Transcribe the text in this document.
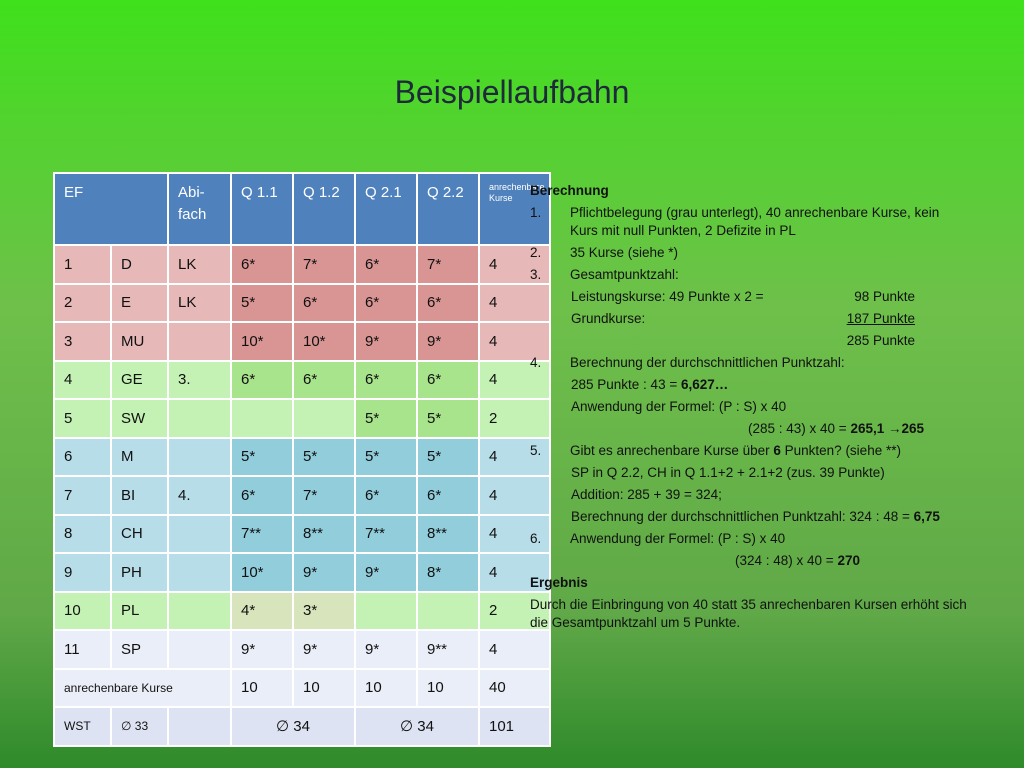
Beispiellaufbahn
EF		Abi-fach	Q 1.1	Q 1.2	Q 2.1	Q 2.2	anrechenbare Kurse
1	D	LK	6*	7*	6*	7*	4
2	E	LK	5*	6*	6*	6*	4
3	MU		10*	10*	9*	9*	4
4	GE	3.	6*	6*	6*	6*	4
5	SW				5*	5*	2
6	M		5*	5*	5*	5*	4
7	BI	4.	6*	7*	6*	6*	4
8	CH		7**	8**	7**	8**	4
9	PH		10*	9*	9*	8*	4
10	PL		4*	3*			2
11	SP		9*	9*	9*	9**	4
anrechenbare Kurse			10	10	10	10	40
WST	∅ 33		∅ 34		∅ 34		101
Berechnung
1.	Pflichtbelegung (grau unterlegt), 40 anrechenbare Kurse, kein Kurs mit null Punkten, 2 Defizite in PL
2.	35 Kurse (siehe *)
3.	Gesamtpunktzahl:
Leistungskurse: 49 Punkte x 2 =	98 Punkte
Grundkurse:	187 Punkte
285 Punkte
4.	Berechnung der durchschnittlichen Punktzahl:
285 Punkte : 43 = 6,627…
Anwendung der Formel: (P : S) x 40
(285 : 43) x 40 = 265,1 →265
5.	Gibt es anrechenbare Kurse über 6 Punkten? (siehe **)
SP in Q 2.2, CH in Q 1.1+2 + 2.1+2 (zus. 39 Punkte)
Addition: 285 + 39 = 324;
Berechnung der durchschnittlichen Punktzahl: 324 : 48 = 6,75
6.	Anwendung der Formel: (P : S) x 40
(324 : 48) x 40 = 270
Ergebnis
Durch die Einbringung von 40 statt 35 anrechenbaren Kursen erhöht sich die Gesamtpunktzahl um 5 Punkte.
